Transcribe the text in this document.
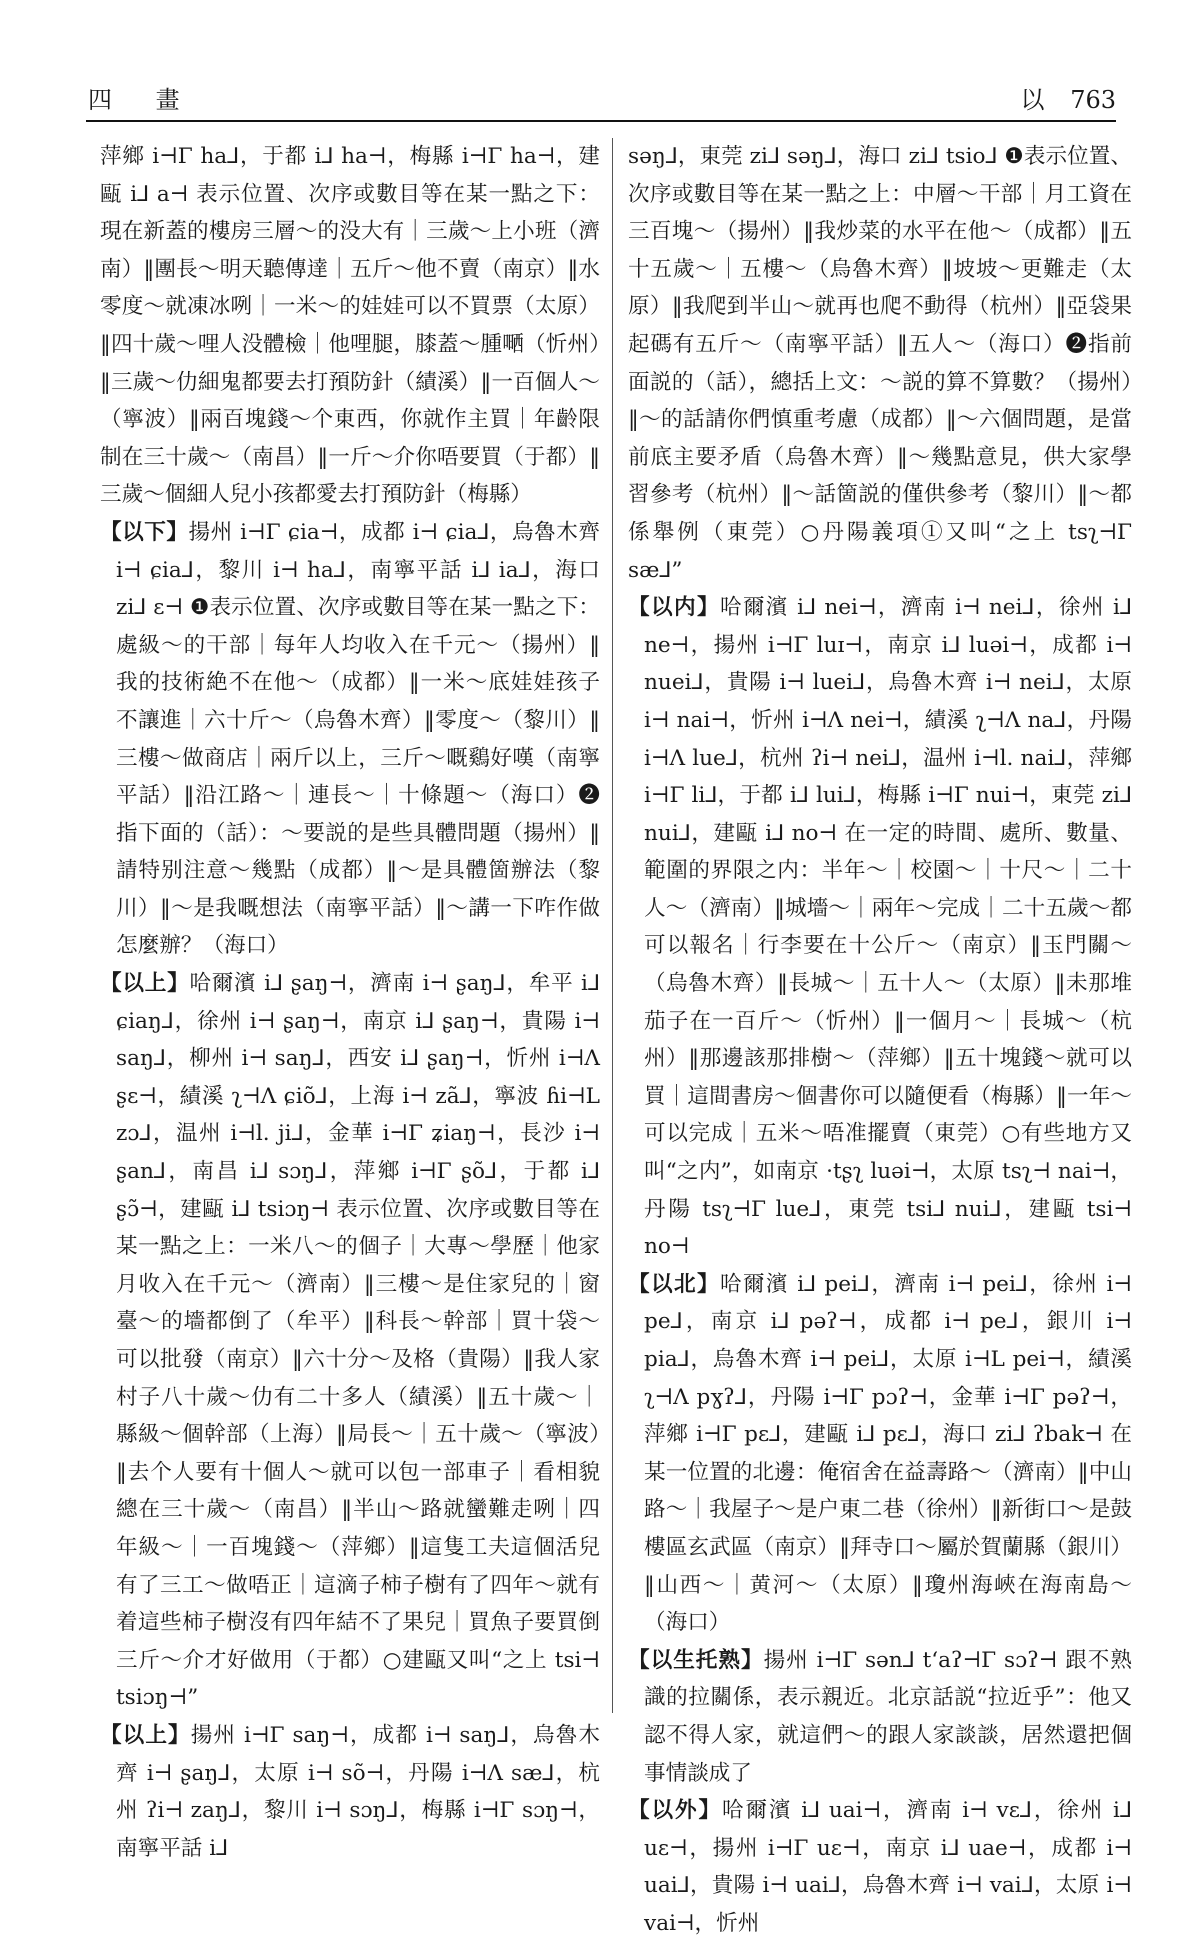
四 畫	以 763

萍鄉 i⊣Γ ha⅃，于都 i⅃ ha⊣，梅縣 i⊣Γ ha⊣，建甌 i⅃ a⊣ 表示位置、次序或數目等在某一點之下：現在新蓋的樓房三層～的没大有｜三歲～上小班（濟南）‖團長～明天聽傳達｜五斤～他不賣（南京）‖水零度～就凍冰咧｜一米～的娃娃可以不買票（太原）‖四十歲～哩人没體檢｜他哩腿，膝蓋～腫嗮（忻州）‖三歲～仂細鬼都要去打預防針（績溪）‖一百個人～（寧波）‖兩百塊錢～个東西，你就作主買｜年齡限制在三十歲～（南昌）‖一斤～介你唔要買（于都）‖三歲～個細人兒小孩都愛去打預防針（梅縣）

【以下】揚州 i⊣Γ ɕia⊣，成都 i⊣ ɕia⅃，烏魯木齊 i⊣ ɕia⅃，黎川 i⊣ ha⅃，南寧平話 i⅃ ia⅃，海口 zi⅃ ɛ⊣ ❶表示位置、次序或數目等在某一點之下：處級～的干部｜每年人均收入在千元～（揚州）‖我的技術絶不在他～（成都）‖一米～底娃娃孩子不讓進｜六十斤～（烏魯木齊）‖零度～（黎川）‖三樓～做商店｜兩斤以上，三斤～嘅鷄好嘆（南寧平話）‖沿江路～｜連長～｜十條題～（海口）❷指下面的（話）：～要説的是些具體問題（揚州）‖請特别注意～幾點（成都）‖～是具體箇辦法（黎川）‖～是我嘅想法（南寧平話）‖～講一下咋作做怎麼辦？（海口）

【以上】哈爾濱 i⅃ ʂaŋ⊣，濟南 i⊣ ʂaŋ⅃，牟平 i⅃ ɕiaŋ⅃，徐州 i⊣ ʂaŋ⊣，南京 i⅃ ʂaŋ⊣，貴陽 i⊣ saŋ⅃，柳州 i⊣ saŋ⅃，西安 i⅃ ʂaŋ⊣，忻州 i⊣Λ ʂɛ⊣，績溪 ʅ⊣Λ ɕiõ⅃，上海 i⊣ zã⅃，寧波 ɦi⊣L zɔ⅃，温州 i⊣l. ji⅃，金華 i⊣Γ ʑiaŋ⊣，長沙 i⊣ ʂan⅃，南昌 i⅃ sɔŋ⅃，萍鄉 i⊣Γ ʂõ⅃，于都 i⅃ ʂɔ̃⊣，建甌 i⅃ tsiɔŋ⊣ 表示位置、次序或數目等在某一點之上：一米八～的個子｜大專～學歷｜他家月收入在千元～（濟南）‖三樓～是住家兒的｜窗臺～的墻都倒了（牟平）‖科長～幹部｜買十袋～可以批發（南京）‖六十分～及格（貴陽）‖我人家村子八十歲～仂有二十多人（績溪）‖五十歲～｜縣級～個幹部（上海）‖局長～｜五十歲～（寧波）‖去个人要有十個人～就可以包一部車子｜看相貌總在三十歲～（南昌）‖半山～路就蠻難走咧｜四年級～｜一百塊錢～（萍鄉）‖這隻工夫這個活兒有了三工～做唔正｜這滴子柿子樹有了四年～就有着這些柿子樹沒有四年結不了果兒｜買魚子要買倒三斤～介才好做用（于都）○建甌又叫“之上 tsi⊣ tsiɔŋ⊣”

【以上】揚州 i⊣Γ saŋ⊣，成都 i⊣ saŋ⅃，烏魯木齊 i⊣ ʂaŋ⅃，太原 i⊣ sõ⊣，丹陽 i⊣Λ sæ⅃，杭州 ʔi⊣ zaŋ⅃，黎川 i⊣ sɔŋ⅃，梅縣 i⊣Γ sɔŋ⊣，南寧平話 i⅃

səŋ⅃，東莞 zi⅃ səŋ⅃，海口 zi⅃ tsio⅃ ❶表示位置、次序或數目等在某一點之上：中層～干部｜月工資在三百塊～（揚州）‖我炒菜的水平在他～（成都）‖五十五歲～｜五樓～（烏魯木齊）‖坡坡～更難走（太原）‖我爬到半山～就再也爬不動得（杭州）‖亞袋果起碼有五斤～（南寧平話）‖五人～（海口）❷指前面説的（話），總括上文：～説的算不算數？（揚州）‖～的話請你們慎重考慮（成都）‖～六個問題，是當前底主要矛盾（烏魯木齊）‖～幾點意見，供大家學習參考（杭州）‖～話箇説的僅供參考（黎川）‖～都係舉例（東莞）○丹陽義項①又叫“之上 tsʅ⊣Γ sæ⅃”

【以内】哈爾濱 i⅃ nei⊣，濟南 i⊣ nei⅃，徐州 i⅃ ne⊣，揚州 i⊣Γ luɪ⊣，南京 i⅃ luəi⊣，成都 i⊣ nuei⅃，貴陽 i⊣ luei⅃，烏魯木齊 i⊣ nei⅃，太原 i⊣ nai⊣，忻州 i⊣Λ nei⊣，績溪 ʅ⊣Λ na⅃，丹陽 i⊣Λ lue⅃，杭州 ʔi⊣ nei⅃，温州 i⊣l. nai⅃，萍鄉 i⊣Γ li⅃，于都 i⅃ lui⅃，梅縣 i⊣Γ nui⊣，東莞 zi⅃ nui⅃，建甌 i⅃ no⊣ 在一定的時間、處所、數量、範圍的界限之内：半年～｜校園～｜十尺～｜二十人～（濟南）‖城墻～｜兩年～完成｜二十五歲～都可以報名｜行李要在十公斤～（南京）‖玉門關～（烏魯木齊）‖長城～｜五十人～（太原）‖未那堆茄子在一百斤～（忻州）‖一個月～｜長城～（杭州）‖那邊該那排樹～（萍鄉）‖五十塊錢～就可以買｜這間書房～個書你可以隨便看（梅縣）‖一年～可以完成｜五米～唔准擺賣（東莞）○有些地方又叫“之内”，如南京 ·tʂʅ luəi⊣，太原 tsʅ⊣ nai⊣，丹陽 tsʅ⊣Γ lue⅃，東莞 tsi⅃ nui⅃，建甌 tsi⊣ no⊣

【以北】哈爾濱 i⅃ pei⅃，濟南 i⊣ pei⅃，徐州 i⊣ pe⅃，南京 i⅃ pəʔ⊣，成都 i⊣ pe⅃，銀川 i⊣ pia⅃，烏魯木齊 i⊣ pei⅃，太原 i⊣L pei⊣，績溪 ʅ⊣Λ pɣʔ⅃，丹陽 i⊣Γ pɔʔ⊣，金華 i⊣Γ pəʔ⊣，萍鄉 i⊣Γ pɛ⅃，建甌 i⅃ pɛ⅃，海口 zi⅃ ʔbak⊣ 在某一位置的北邊：俺宿舍在益壽路～（濟南）‖中山路～｜我屋子～是户東二巷（徐州）‖新街口～是鼓樓區玄武區（南京）‖拜寺口～屬於賀蘭縣（銀川）‖山西～｜黄河～（太原）‖瓊州海峽在海南島～（海口）

【以生托熟】揚州 i⊣Γ sən⅃ tʻaʔ⊣Γ sɔʔ⊣ 跟不熟識的拉關係，表示親近。北京話説“拉近乎”：他又認不得人家，就這們～的跟人家談談，居然還把個事情談成了

【以外】哈爾濱 i⅃ uai⊣，濟南 i⊣ vɛ⅃，徐州 i⅃ uɛ⊣，揚州 i⊣Γ uɛ⊣，南京 i⅃ uae⊣，成都 i⊣ uai⅃，貴陽 i⊣ uai⅃，烏魯木齊 i⊣ vai⅃，太原 i⊣ vai⊣，忻州
